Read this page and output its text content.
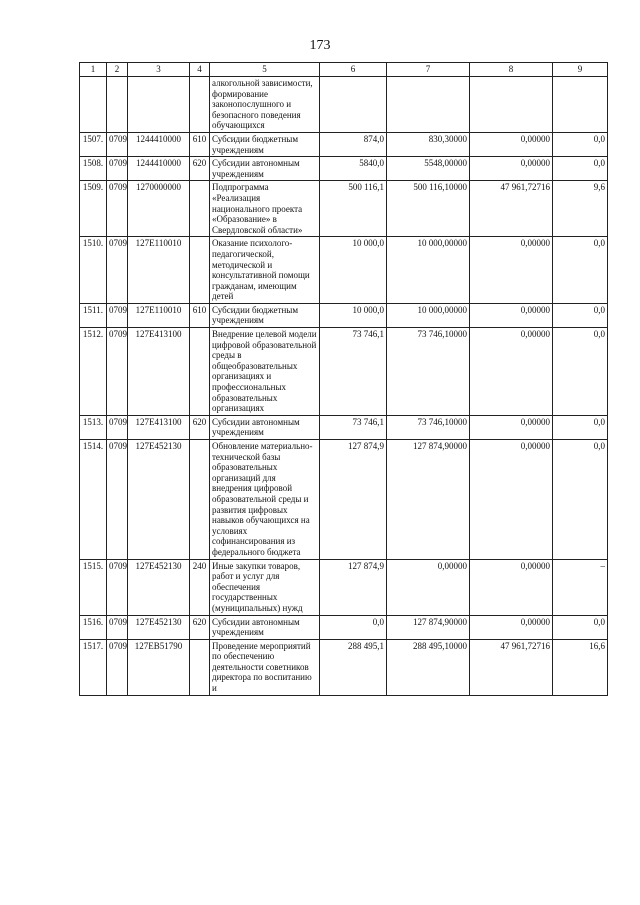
173
1	2	3	4	5	6	7	8	9
				алкогольной зависимости, формирование законопослушного и безопасного поведения обучающихся				
1507.	0709	1244410000	610	Субсидии бюджетным учреждениям	874,0	830,30000	0,00000	0,0
1508.	0709	1244410000	620	Субсидии автономным учреждениям	5840,0	5548,00000	0,00000	0,0
1509.	0709	1270000000		Подпрограмма «Реализация национального проекта «Образование» в Свердловской области»	500 116,1	500 116,10000	47 961,72716	9,6
1510.	0709	127E110010		Оказание психолого-педагогической, методической и консультативной помощи гражданам, имеющим детей	10 000,0	10 000,00000	0,00000	0,0
1511.	0709	127E110010	610	Субсидии бюджетным учреждениям	10 000,0	10 000,00000	0,00000	0,0
1512.	0709	127E413100		Внедрение целевой модели цифровой образовательной среды в общеобразовательных организациях и профессиональных образовательных организациях	73 746,1	73 746,10000	0,00000	0,0
1513.	0709	127E413100	620	Субсидии автономным учреждениям	73 746,1	73 746,10000	0,00000	0,0
1514.	0709	127E452130		Обновление материально-технической базы образовательных организаций для внедрения цифровой образовательной среды и развития цифровых навыков обучающихся на условиях софинансирования из федерального бюджета	127 874,9	127 874,90000	0,00000	0,0
1515.	0709	127E452130	240	Иные закупки товаров, работ и услуг для обеспечения государственных (муниципальных) нужд	127 874,9	0,00000	0,00000	–
1516.	0709	127E452130	620	Субсидии автономным учреждениям	0,0	127 874,90000	0,00000	0,0
1517.	0709	127EB51790		Проведение мероприятий по обеспечению деятельности советников директора по воспитанию и	288 495,1	288 495,10000	47 961,72716	16,6
